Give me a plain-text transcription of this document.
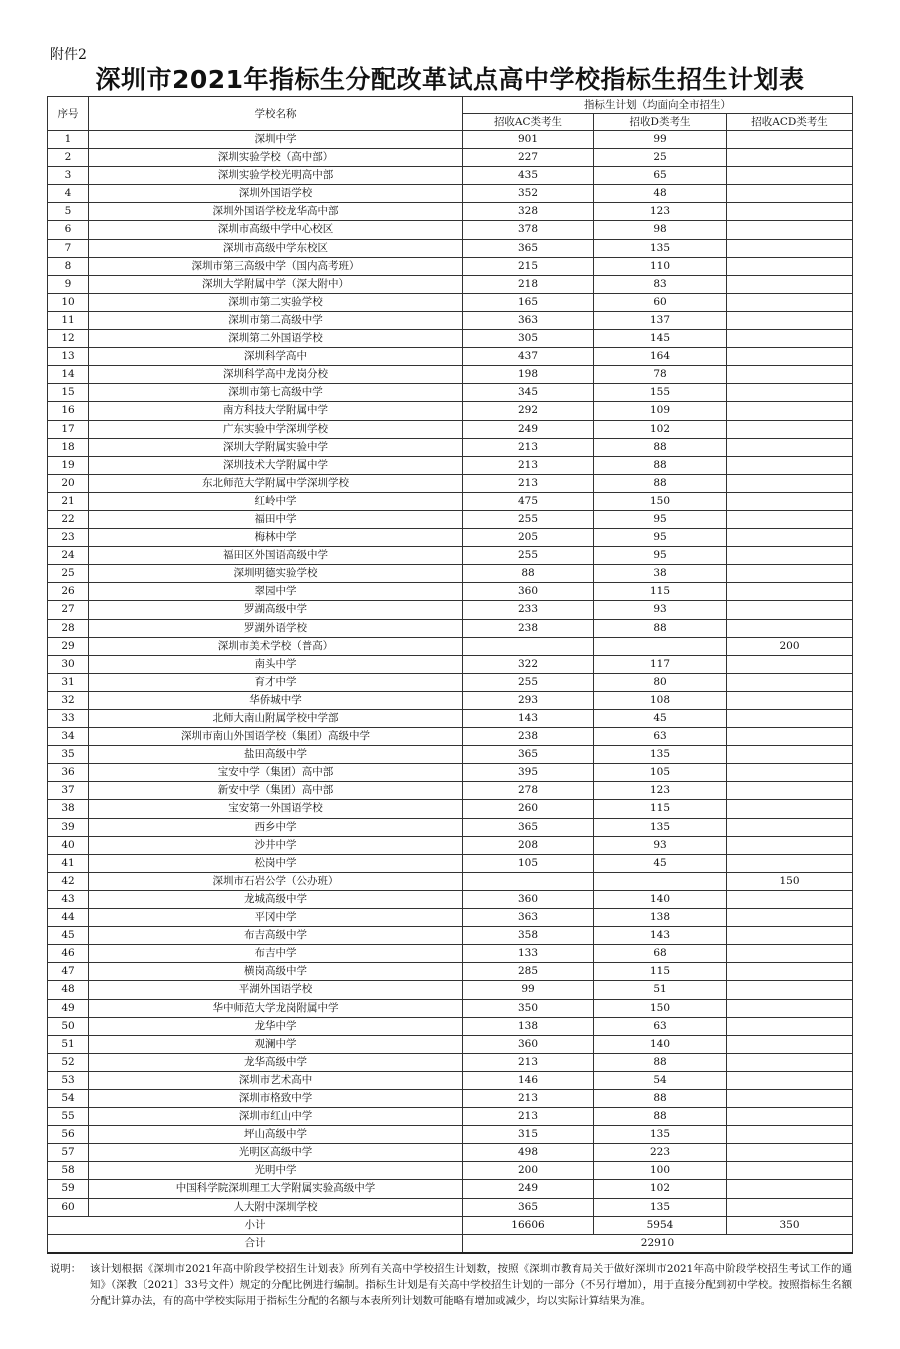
附件2
深圳市2021年指标生分配改革试点高中学校指标生招生计划表
序号	学校名称	指标生计划（均面向全市招生）		
		招收AC类考生	招收D类考生	招收ACD类考生
1	深圳中学	901	99	
2	深圳实验学校（高中部）	227	25	
3	深圳实验学校光明高中部	435	65	
4	深圳外国语学校	352	48	
5	深圳外国语学校龙华高中部	328	123	
6	深圳市高级中学中心校区	378	98	
7	深圳市高级中学东校区	365	135	
8	深圳市第三高级中学（国内高考班）	215	110	
9	深圳大学附属中学（深大附中）	218	83	
10	深圳市第二实验学校	165	60	
11	深圳市第二高级中学	363	137	
12	深圳第二外国语学校	305	145	
13	深圳科学高中	437	164	
14	深圳科学高中龙岗分校	198	78	
15	深圳市第七高级中学	345	155	
16	南方科技大学附属中学	292	109	
17	广东实验中学深圳学校	249	102	
18	深圳大学附属实验中学	213	88	
19	深圳技术大学附属中学	213	88	
20	东北师范大学附属中学深圳学校	213	88	
21	红岭中学	475	150	
22	福田中学	255	95	
23	梅林中学	205	95	
24	福田区外国语高级中学	255	95	
25	深圳明德实验学校	88	38	
26	翠园中学	360	115	
27	罗湖高级中学	233	93	
28	罗湖外语学校	238	88	
29	深圳市美术学校（普高）			200
30	南头中学	322	117	
31	育才中学	255	80	
32	华侨城中学	293	108	
33	北师大南山附属学校中学部	143	45	
34	深圳市南山外国语学校（集团）高级中学	238	63	
35	盐田高级中学	365	135	
36	宝安中学（集团）高中部	395	105	
37	新安中学（集团）高中部	278	123	
38	宝安第一外国语学校	260	115	
39	西乡中学	365	135	
40	沙井中学	208	93	
41	松岗中学	105	45	
42	深圳市石岩公学（公办班）			150
43	龙城高级中学	360	140	
44	平冈中学	363	138	
45	布吉高级中学	358	143	
46	布吉中学	133	68	
47	横岗高级中学	285	115	
48	平湖外国语学校	99	51	
49	华中师范大学龙岗附属中学	350	150	
50	龙华中学	138	63	
51	观澜中学	360	140	
52	龙华高级中学	213	88	
53	深圳市艺术高中	146	54	
54	深圳市格致中学	213	88	
55	深圳市红山中学	213	88	
56	坪山高级中学	315	135	
57	光明区高级中学	498	223	
58	光明中学	200	100	
59	中国科学院深圳理工大学附属实验高级中学	249	102	
60	人大附中深圳学校	365	135	
小计		16606	5954	350
合计		22910		
说明： 该计划根据《深圳市2021年高中阶段学校招生计划表》所列有关高中学校招生计划数，按照《深圳市教育局关于做好深圳市2021年高中阶段学校招生考试工作的通知》（深教〔2021〕33号文件）规定的分配比例进行编制。指标生计划是有关高中学校招生计划的一部分（不另行增加），用于直接分配到初中学校。按照指标生名额分配计算办法，有的高中学校实际用于指标生分配的名额与本表所列计划数可能略有增加或减少，均以实际计算结果为准。
